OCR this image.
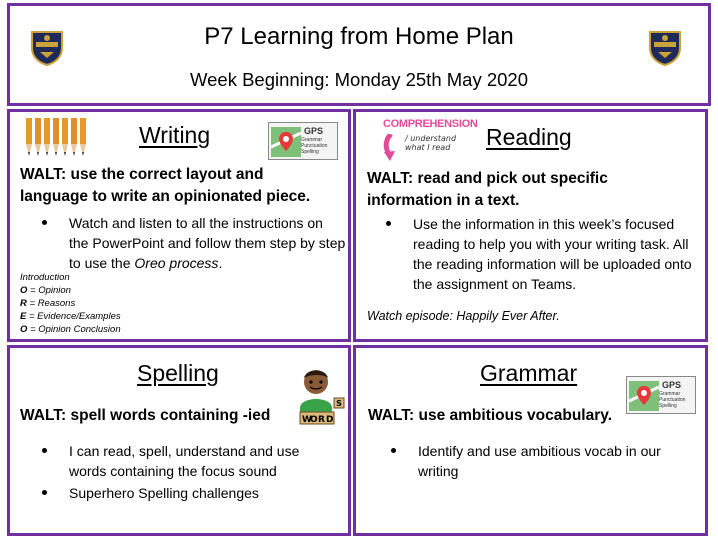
P7 Learning from Home Plan
Week Beginning: Monday 25th May 2020
Writing	GPS
Grammar
Punctuation
Spelling
WALT: use the correct layout and
language to write an opinionated piece.
Watch and listen to all the instructions on the PowerPoint and follow them step by step to use the Oreo process.
Introduction
O = Opinion
R = Reasons
E = Evidence/Examples
O = Opinion Conclusion
COMPREHENSION
/ understand
what I read Reading
WALT: read and pick out specific
information in a text.
Use the information in this week’s focused reading to help you with your writing task. All the reading information will be uploaded onto the assignment on Teams.
Watch episode: Happily Ever After.
Spelling
S
W
O R D
WALT: spell words containing -ied
I can read, spell, understand and use words containing the focus sound
Superhero Spelling challenges
Grammar	GPS
Grammar
Punctuation
Spelling
WALT: use ambitious vocabulary.
Identify and use ambitious vocab in our writing
